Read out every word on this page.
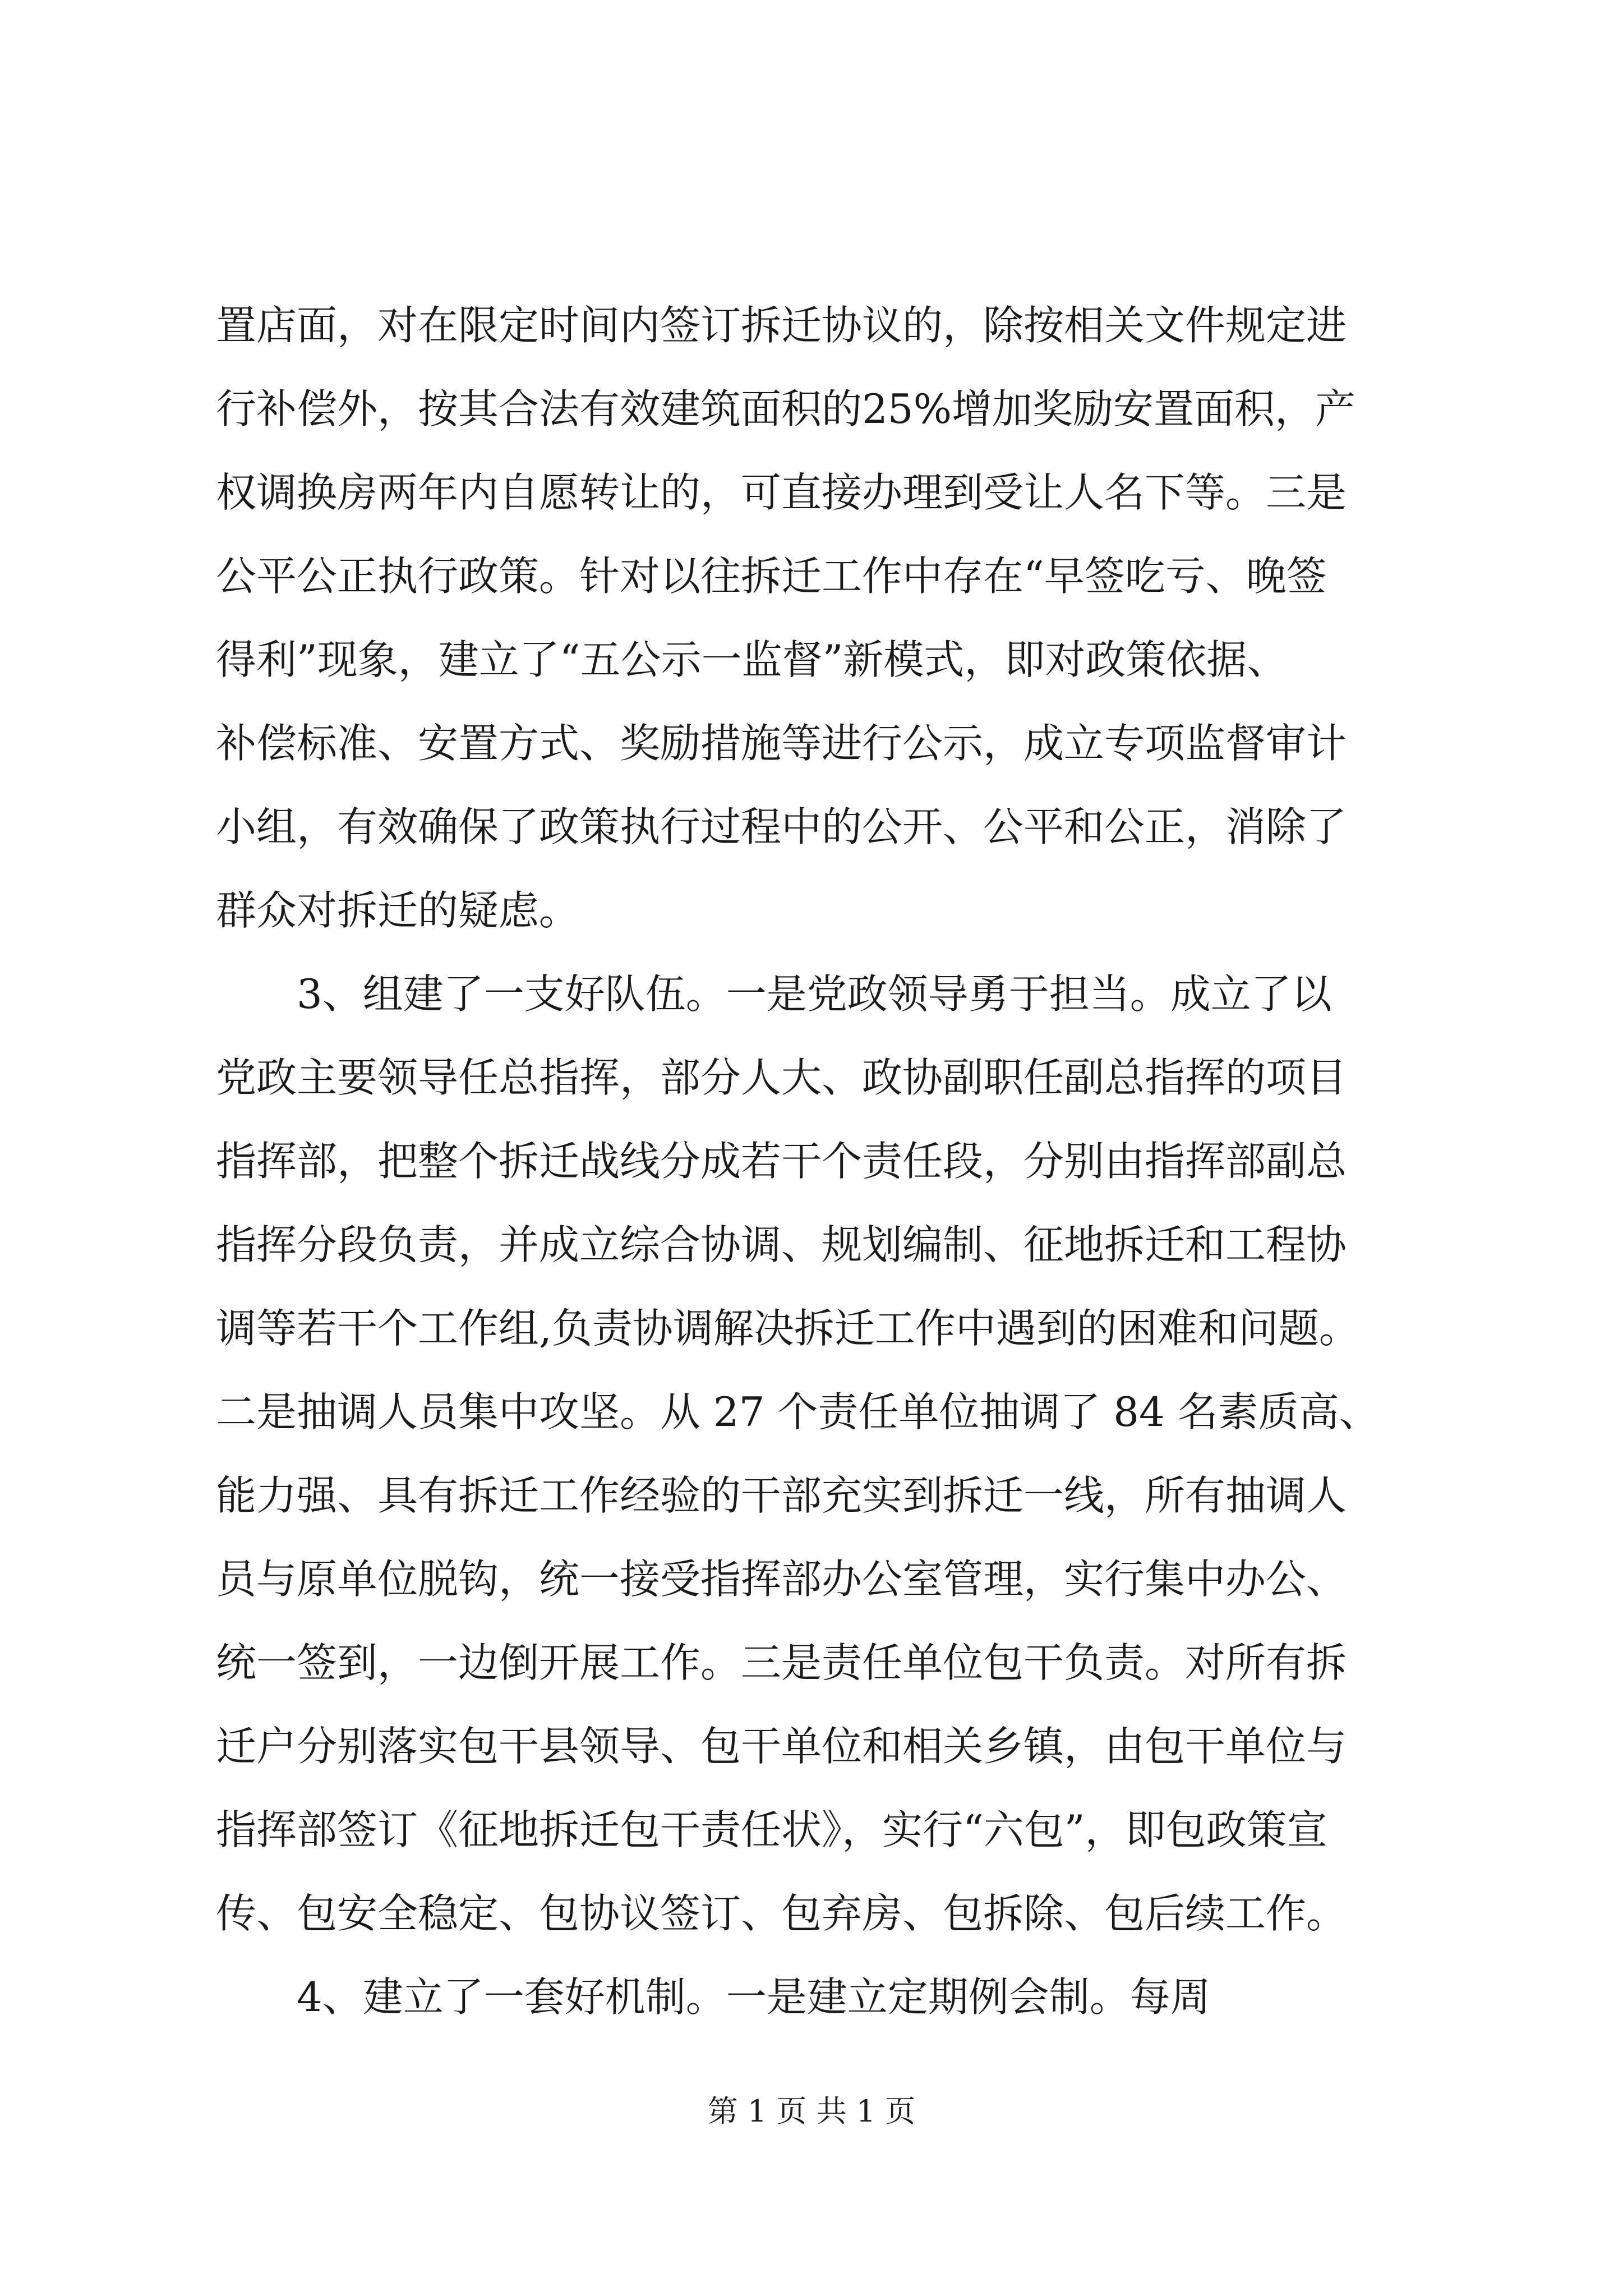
置店面，对在限定时间内签订拆迁协议的，除按相关文件规定进
行补偿外，按其合法有效建筑面积的25%增加奖励安置面积，产
权调换房两年内自愿转让的，可直接办理到受让人名下等。三是
公平公正执行政策。针对以往拆迁工作中存在“早签吃亏、晚签
得利”现象，建立了“五公示一监督”新模式，即对政策依据、
补偿标准、安置方式、奖励措施等进行公示，成立专项监督审计
小组，有效确保了政策执行过程中的公开、公平和公正，消除了
群众对拆迁的疑虑。
3、组建了一支好队伍。一是党政领导勇于担当。成立了以
党政主要领导任总指挥，部分人大、政协副职任副总指挥的项目
指挥部，把整个拆迁战线分成若干个责任段，分别由指挥部副总
指挥分段负责，并成立综合协调、规划编制、征地拆迁和工程协
调等若干个工作组,负责协调解决拆迁工作中遇到的困难和问题。
二是抽调人员集中攻坚。从 27 个责任单位抽调了 84 名素质高、
能力强、具有拆迁工作经验的干部充实到拆迁一线，所有抽调人
员与原单位脱钩，统一接受指挥部办公室管理，实行集中办公、
统一签到，一边倒开展工作。三是责任单位包干负责。对所有拆
迁户分别落实包干县领导、包干单位和相关乡镇，由包干单位与
指挥部签订《征地拆迁包干责任状》，实行“六包”，即包政策宣
传、包安全稳定、包协议签订、包弃房、包拆除、包后续工作。
4、建立了一套好机制。一是建立定期例会制。每周
第 1 页 共 1 页
